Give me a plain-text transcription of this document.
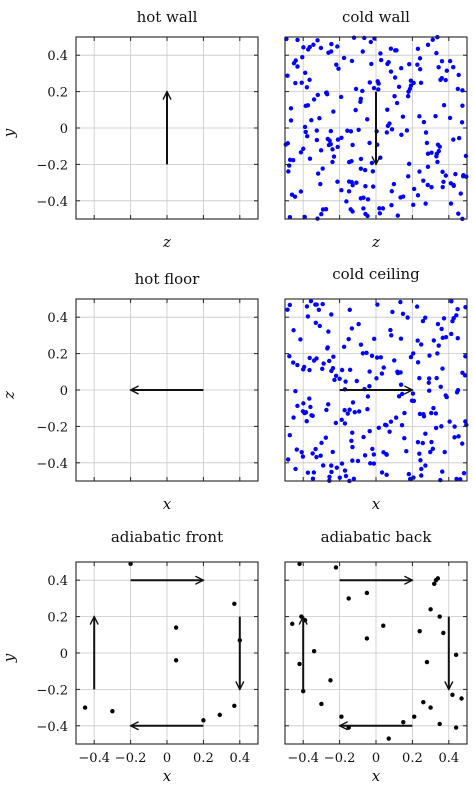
hot wall
0.4
0.2
0
−0.2
−0.4
z
y
cold wall
z
hot floor
0.4
0.2
0
−0.2
−0.4
x
z
cold ceiling
x
adiabatic front
0.4
0.2
0
−0.2
−0.4
−0.4 −0.2 0 0.2 0.4
x
y
adiabatic back
−0.4 −0.2 0 0.2 0.4
x
